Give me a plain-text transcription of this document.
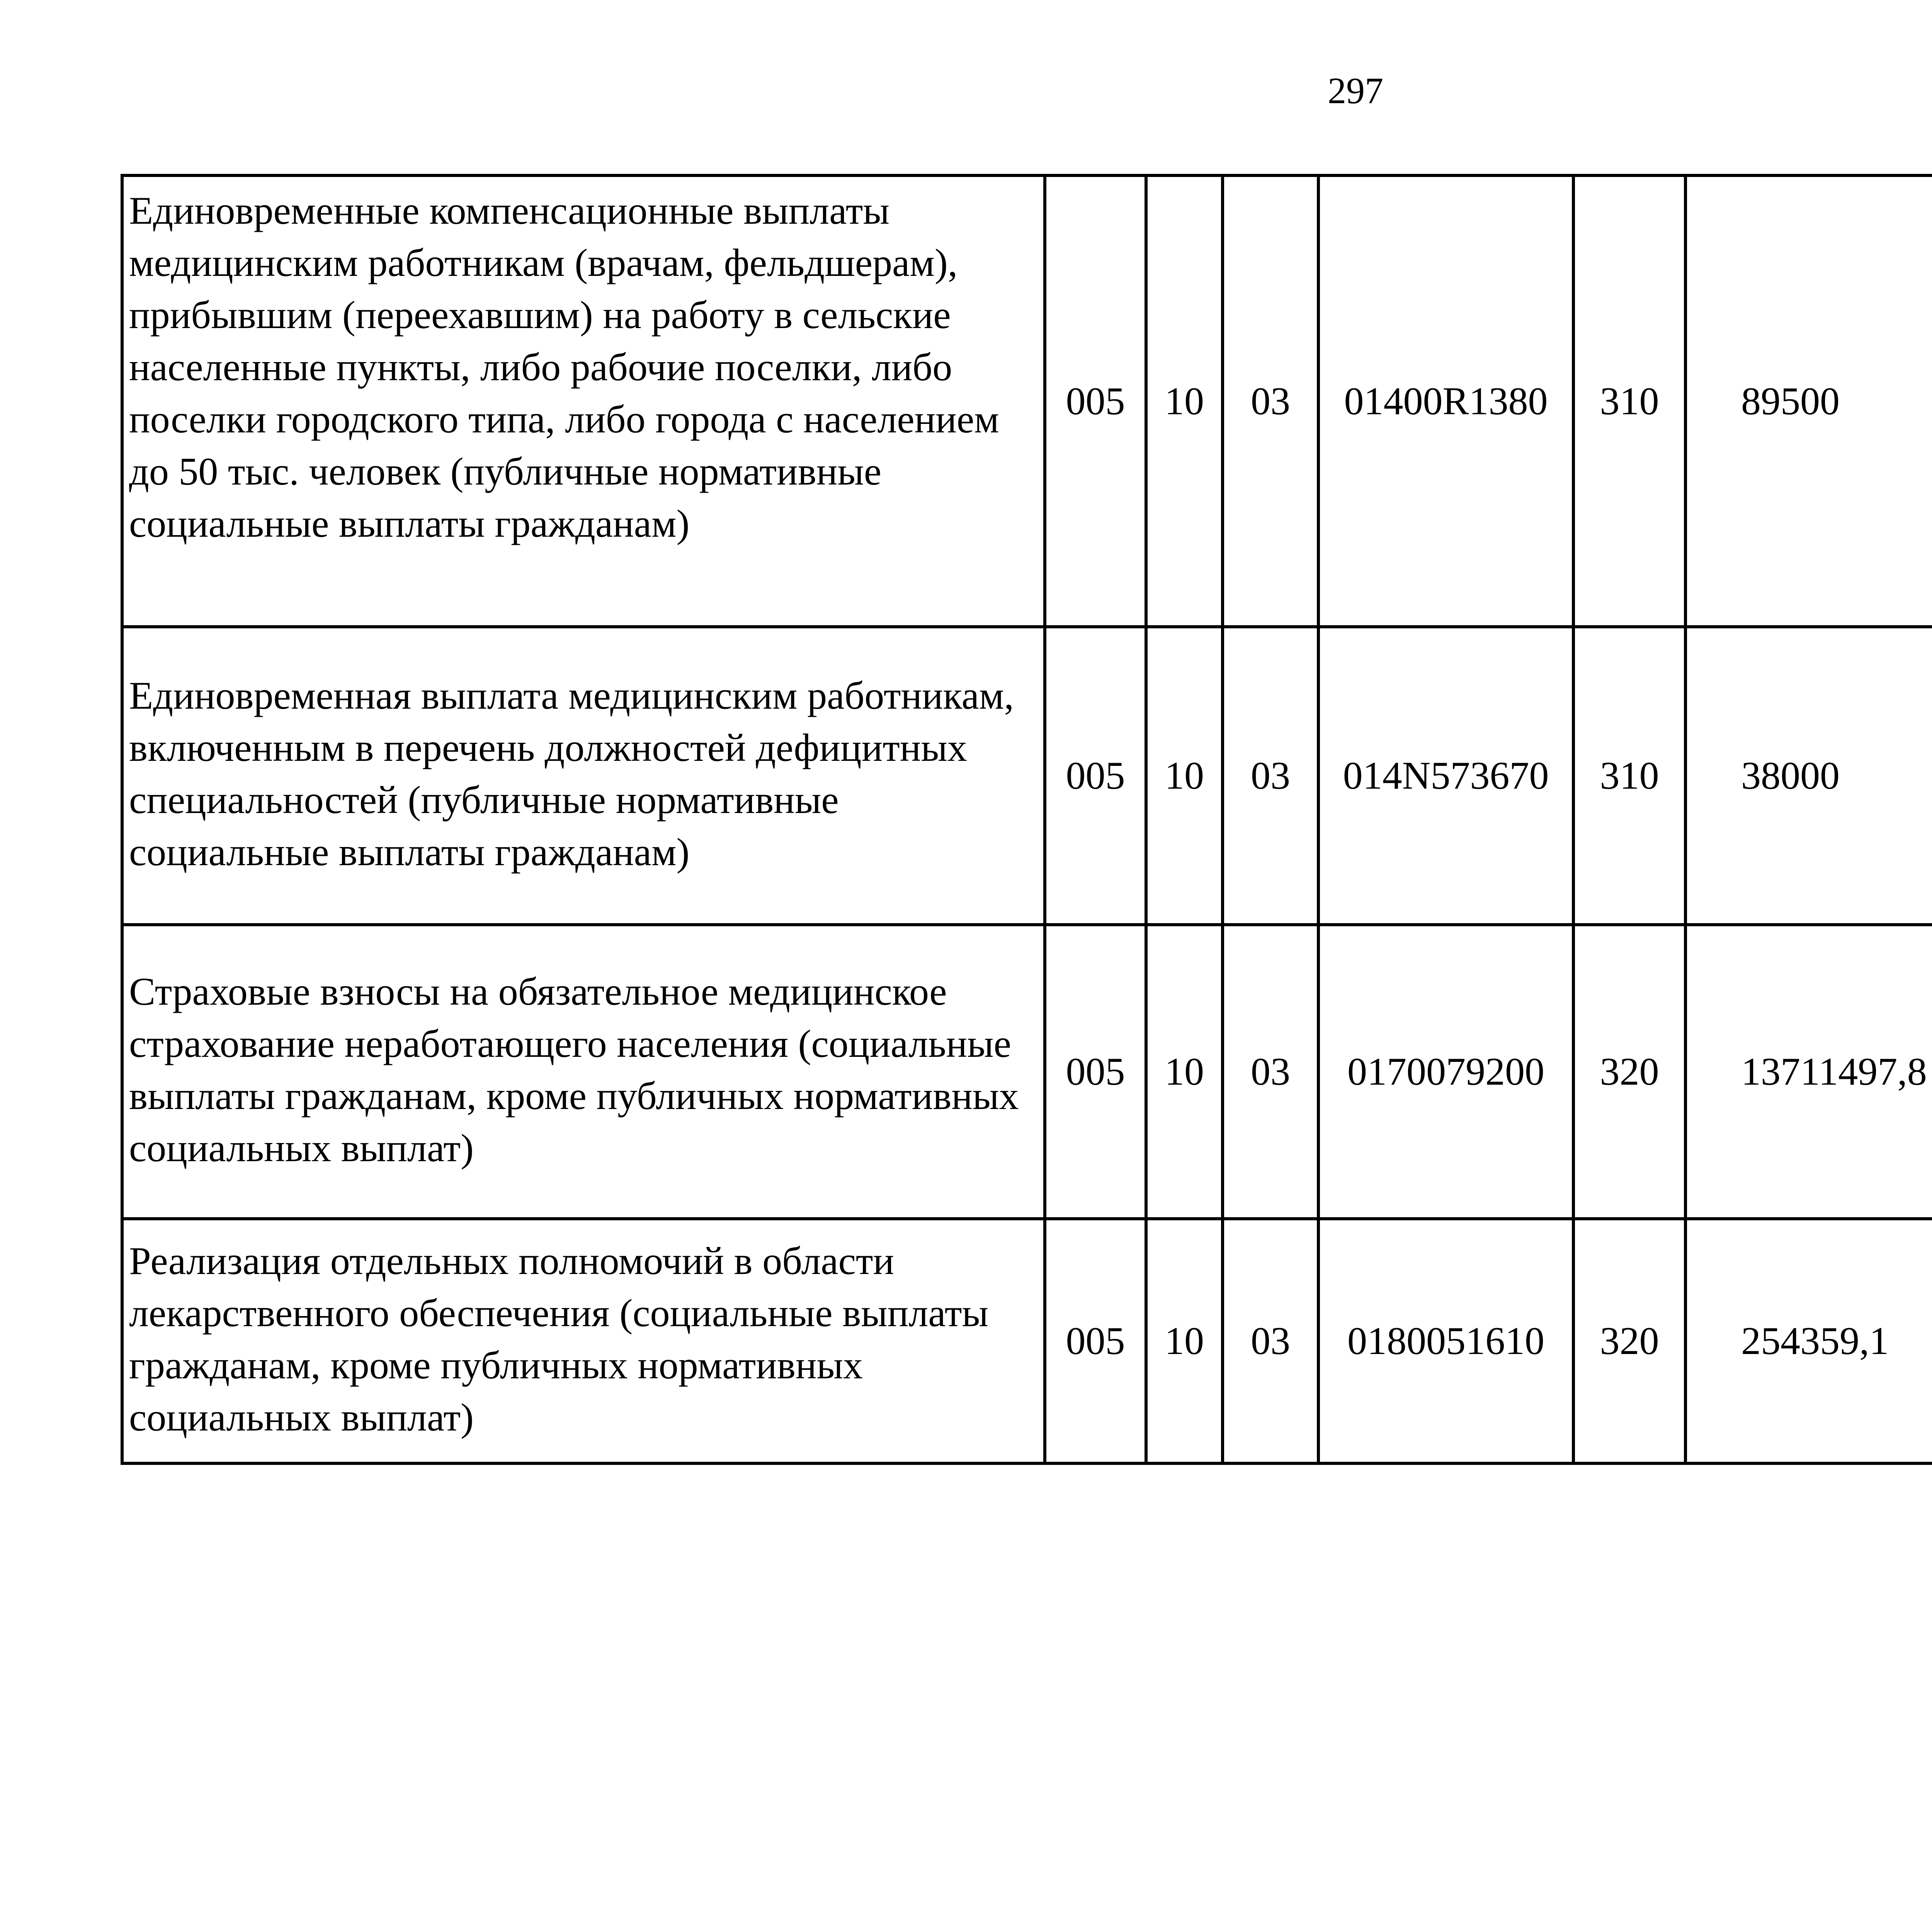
297
Единовременные компенсационные выплаты медицинским работникам (врачам, фельдшерам), прибывшим (переехавшим) на работу в сельские населенные пункты, либо рабочие поселки, либо поселки городского типа, либо города с населением до 50 тыс. человек (публичные нормативные социальные выплаты гражданам)	005	10	03	01400R1380	310	89500		
Единовременная выплата медицинским работникам, включенным в перечень должностей дефицитных специальностей (публичные нормативные социальные выплаты гражданам)	005	10	03	014N573670	310	38000		
Страховые взносы на обязательное медицинское страхование неработающего населения (социальные выплаты гражданам, кроме публичных нормативных социальных выплат)	005	10	03	0170079200	320	13711497,8		
Реализация отдельных полномочий в области лекарственного обеспечения (социальные выплаты гражданам, кроме публичных нормативных социальных выплат)	005	10	03	0180051610	320	254359,1		
